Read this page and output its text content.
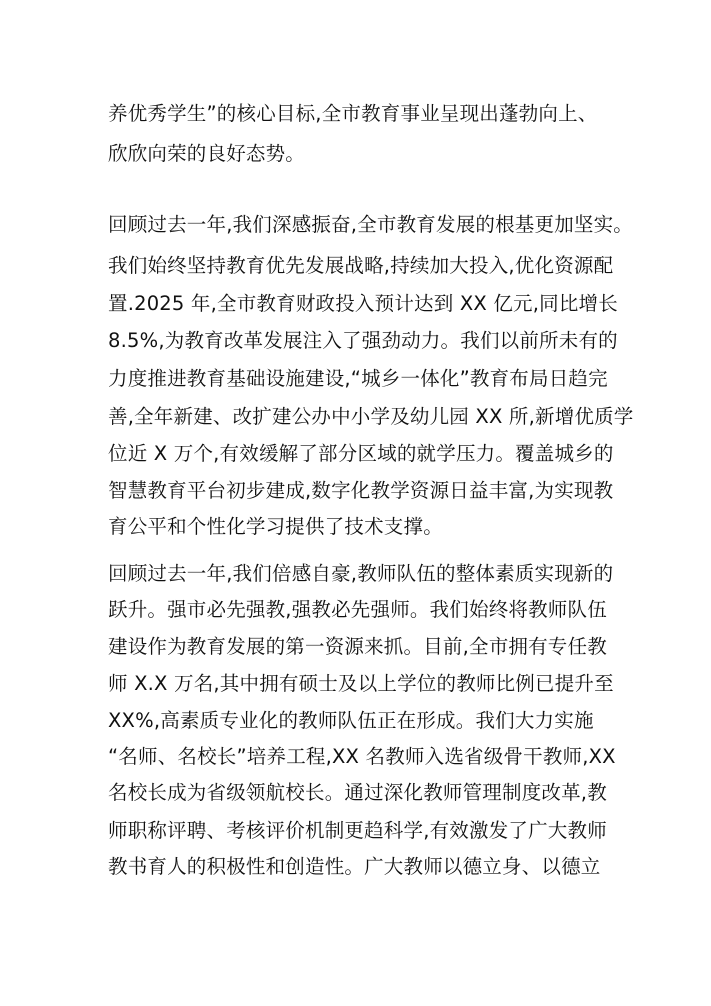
养优秀学生”的核心目标,全市教育事业呈现出蓬勃向上、
欣欣向荣的良好态势。
回顾过去一年,我们深感振奋,全市教育发展的根基更加坚实。
我们始终坚持教育优先发展战略,持续加大投入,优化资源配
置.2025 年,全市教育财政投入预计达到 XX 亿元,同比增长
8.5%,为教育改革发展注入了强劲动力。我们以前所未有的
力度推进教育基础设施建设,“城乡一体化”教育布局日趋完
善,全年新建、改扩建公办中小学及幼儿园 XX 所,新增优质学
位近 X 万个,有效缓解了部分区域的就学压力。覆盖城乡的
智慧教育平台初步建成,数字化教学资源日益丰富,为实现教
育公平和个性化学习提供了技术支撑。
回顾过去一年,我们倍感自豪,教师队伍的整体素质实现新的
跃升。强市必先强教,强教必先强师。我们始终将教师队伍
建设作为教育发展的第一资源来抓。目前,全市拥有专任教
师 X.X 万名,其中拥有硕士及以上学位的教师比例已提升至
XX%,高素质专业化的教师队伍正在形成。我们大力实施
“名师、名校长”培养工程,XX 名教师入选省级骨干教师,XX
名校长成为省级领航校长。通过深化教师管理制度改革,教
师职称评聘、考核评价机制更趋科学,有效激发了广大教师
教书育人的积极性和创造性。广大教师以德立身、以德立
